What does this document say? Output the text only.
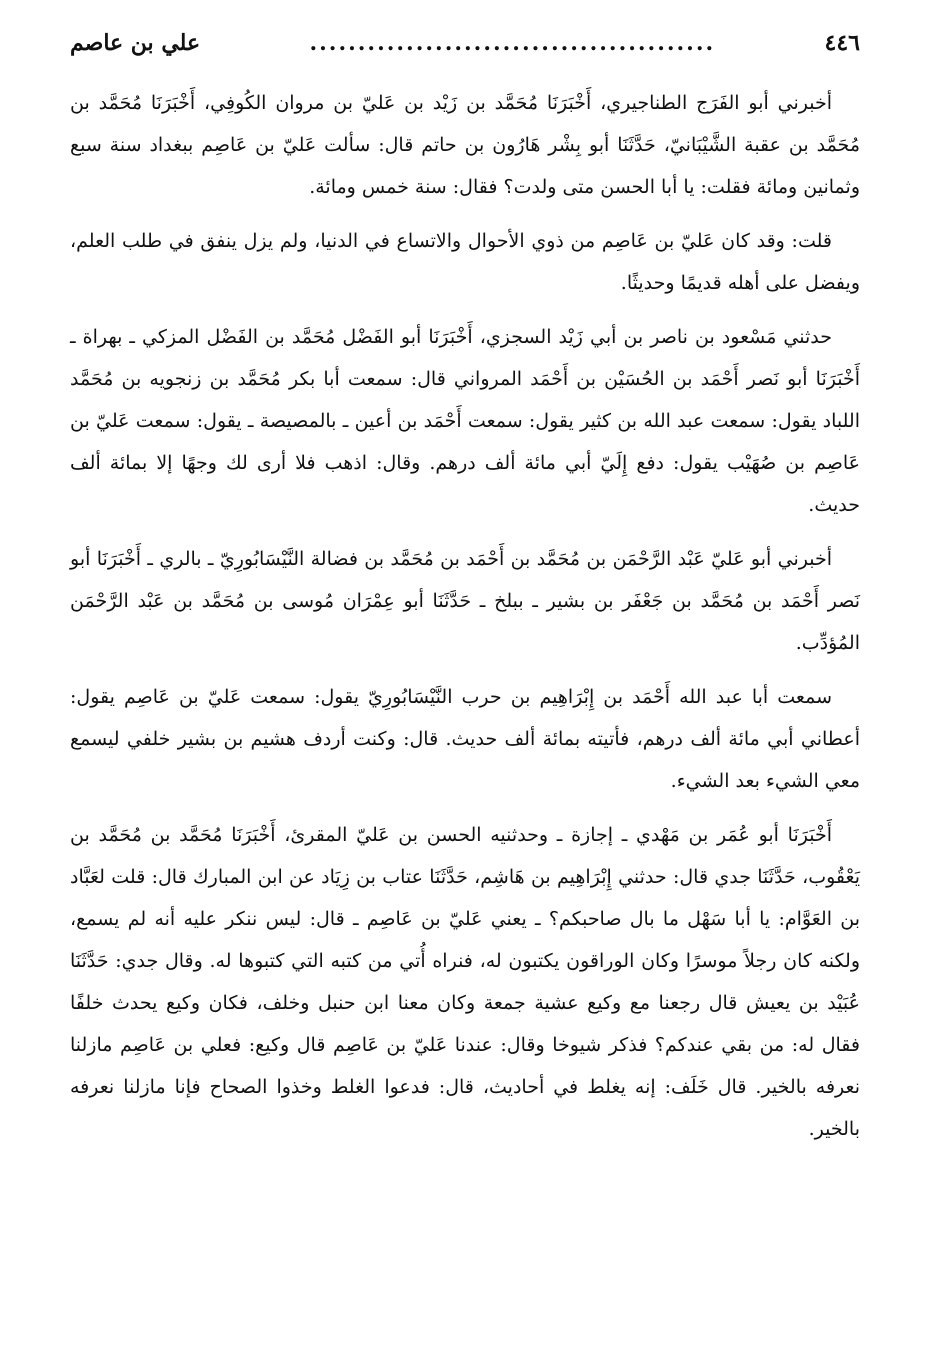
٤٤٦
..........................................
علي بن عاصم

أخبرني أبو الفَرَج الطناجيري، أَخْبَرَنَا مُحَمَّد بن زَيْد بن عَليّ بن مروان الكُوفِي، أَخْبَرَنَا مُحَمَّد بن مُحَمَّد بن عقبة الشَّيْبَانيّ، حَدَّثَنَا أبو بِشْر هَارُون بن حاتم قال: سألت عَليّ بن عَاصِم ببغداد سنة سبع وثمانين ومائة فقلت: يا أبا الحسن متى ولدت؟ فقال: سنة خمس ومائة.

قلت: وقد كان عَليّ بن عَاصِم من ذوي الأحوال والاتساع في الدنيا، ولم يزل ينفق في طلب العلم، ويفضل على أهله قديمًا وحديثًا.

حدثني مَسْعود بن ناصر بن أبي زَيْد السجزي، أَخْبَرَنَا أبو الفَضْل مُحَمَّد بن الفَضْل المزكي ـ بهراة ـ أَخْبَرَنَا أبو نَصر أَحْمَد بن الحُسَيْن بن أَحْمَد المرواني قال: سمعت أبا بكر مُحَمَّد بن زنجويه بن مُحَمَّد اللباد يقول: سمعت عبد الله بن كثير يقول: سمعت أَحْمَد بن أعين ـ بالمصيصة ـ يقول: سمعت عَليّ بن عَاصِم بن صُهَيْب يقول: دفع إِلَيّ أبي مائة ألف درهم. وقال: اذهب فلا أرى لك وجهًا إلا بمائة ألف حديث.

أخبرني أبو عَليّ عَبْد الرَّحْمَن بن مُحَمَّد بن أَحْمَد بن مُحَمَّد بن فضالة النَّيْسَابُورِيّ ـ بالري ـ أَخْبَرَنَا أبو نَصر أَحْمَد بن مُحَمَّد بن جَعْفَر بن بشير ـ ببلخ ـ حَدَّثَنَا أبو عِمْرَان مُوسى بن مُحَمَّد بن عَبْد الرَّحْمَن المُؤدِّب.

سمعت أبا عبد الله أَحْمَد بن إِبْرَاهِيم بن حرب النَّيْسَابُورِيّ يقول: سمعت عَليّ بن عَاصِم يقول: أعطاني أبي مائة ألف درهم، فأتيته بمائة ألف حديث. قال: وكنت أردف هشيم بن بشير خلفي ليسمع معي الشيء بعد الشيء.

أَخْبَرَنَا أبو عُمَر بن مَهْدي ـ إجازة ـ وحدثنيه الحسن بن عَليّ المقرئ، أَخْبَرَنَا مُحَمَّد بن مُحَمَّد بن يَعْقُوب، حَدَّثَنَا جدي قال: حدثني إِبْرَاهِيم بن هَاشِم، حَدَّثَنَا عتاب بن زِيَاد عن ابن المبارك قال: قلت لعَبَّاد بن العَوَّام: يا أبا سَهْل ما بال صاحبكم؟ ـ يعني عَليّ بن عَاصِم ـ قال: ليس ننكر عليه أنه لم يسمع، ولكنه كان رجلاً موسرًا وكان الوراقون يكتبون له، فنراه أُتي من كتبه التي كتبوها له. وقال جدي: حَدَّثَنَا عُبَيْد بن يعيش قال رجعنا مع وكيع عشية جمعة وكان معنا ابن حنبل وخلف، فكان وكيع يحدث خلفًا فقال له: من بقي عندكم؟ فذكر شيوخا وقال: عندنا عَليّ بن عَاصِم قال وكيع: فعلي بن عَاصِم مازلنا نعرفه بالخير. قال خَلَف: إنه يغلط في أحاديث، قال: فدعوا الغلط وخذوا الصحاح فإنا مازلنا نعرفه بالخير.
